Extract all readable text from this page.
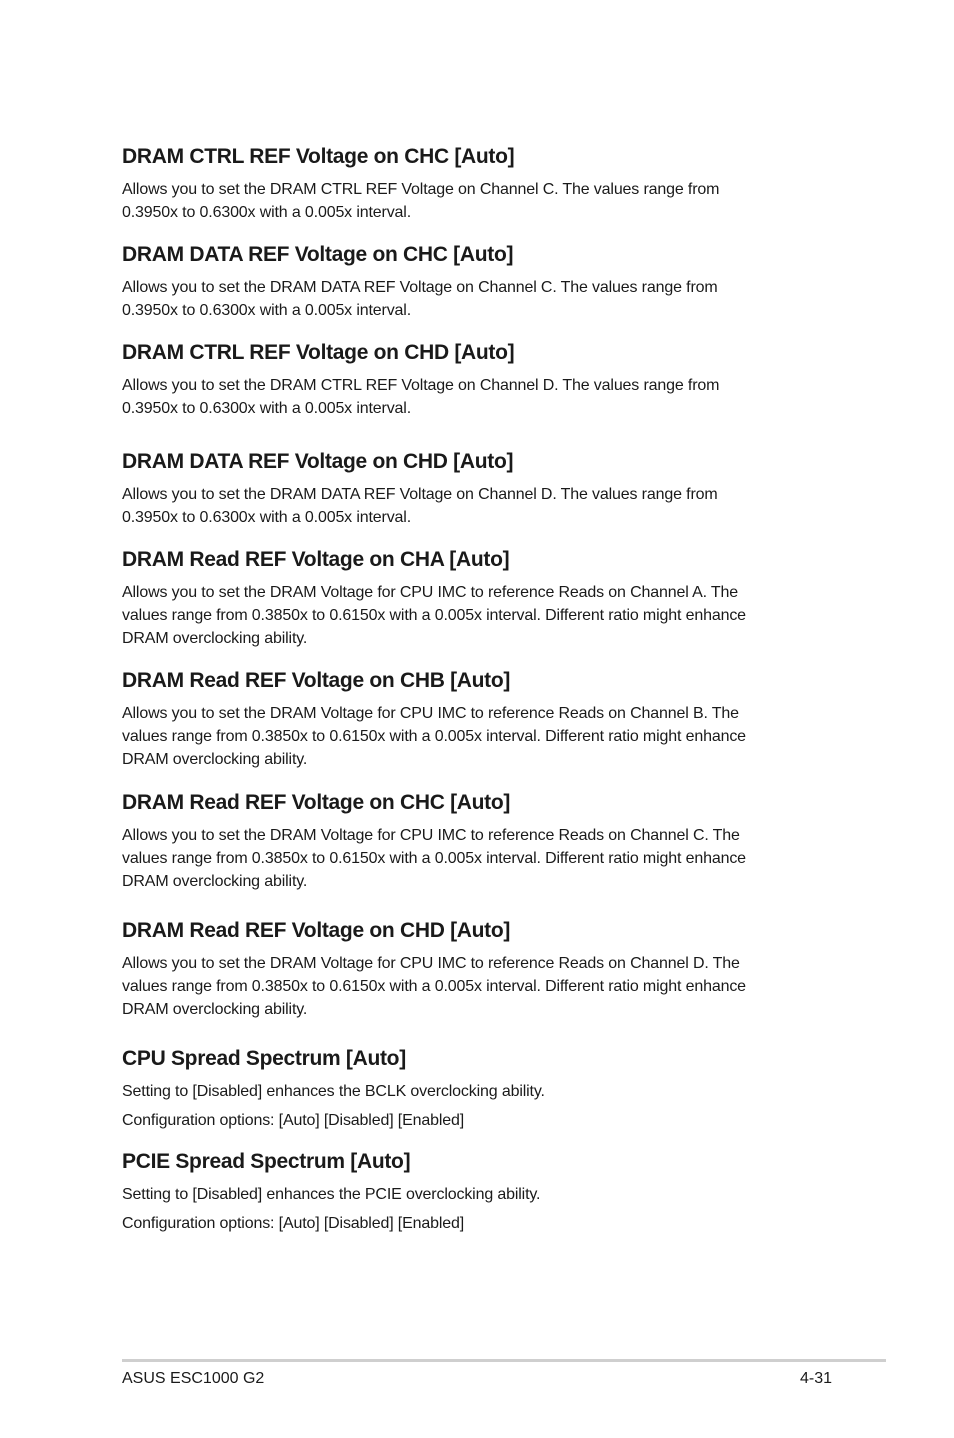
DRAM CTRL REF Voltage on CHC [Auto]

Allows you to set the DRAM CTRL REF Voltage on Channel C. The values range from

0.3950x to 0.6300x with a 0.005x interval.

DRAM DATA REF Voltage on CHC [Auto]

Allows you to set the DRAM DATA REF Voltage on Channel C. The values range from

0.3950x to 0.6300x with a 0.005x interval.

DRAM CTRL REF Voltage on CHD [Auto]

Allows you to set the DRAM CTRL REF Voltage on Channel D. The values range from

0.3950x to 0.6300x with a 0.005x interval.

DRAM DATA REF Voltage on CHD [Auto]

Allows you to set the DRAM DATA REF Voltage on Channel D. The values range from

0.3950x to 0.6300x with a 0.005x interval.

DRAM Read REF Voltage on CHA [Auto]

Allows you to set the DRAM Voltage for CPU IMC to reference Reads on Channel A. The

values range from 0.3850x to 0.6150x with a 0.005x interval. Different ratio might enhance

DRAM overclocking ability.

DRAM Read REF Voltage on CHB [Auto]

Allows you to set the DRAM Voltage for CPU IMC to reference Reads on Channel B. The

values range from 0.3850x to 0.6150x with a 0.005x interval. Different ratio might enhance

DRAM overclocking ability.

DRAM Read REF Voltage on CHC [Auto]

Allows you to set the DRAM Voltage for CPU IMC to reference Reads on Channel C. The

values range from 0.3850x to 0.6150x with a 0.005x interval. Different ratio might enhance

DRAM overclocking ability.

DRAM Read REF Voltage on CHD [Auto]

Allows you to set the DRAM Voltage for CPU IMC to reference Reads on Channel D. The

values range from 0.3850x to 0.6150x with a 0.005x interval. Different ratio might enhance

DRAM overclocking ability.

CPU Spread Spectrum [Auto]

Setting to [Disabled] enhances the BCLK overclocking ability.

Configuration options: [Auto] [Disabled] [Enabled]

PCIE Spread Spectrum [Auto]

Setting to [Disabled] enhances the PCIE overclocking ability.

Configuration options: [Auto] [Disabled] [Enabled]

ASUS ESC1000 G2	4-31
